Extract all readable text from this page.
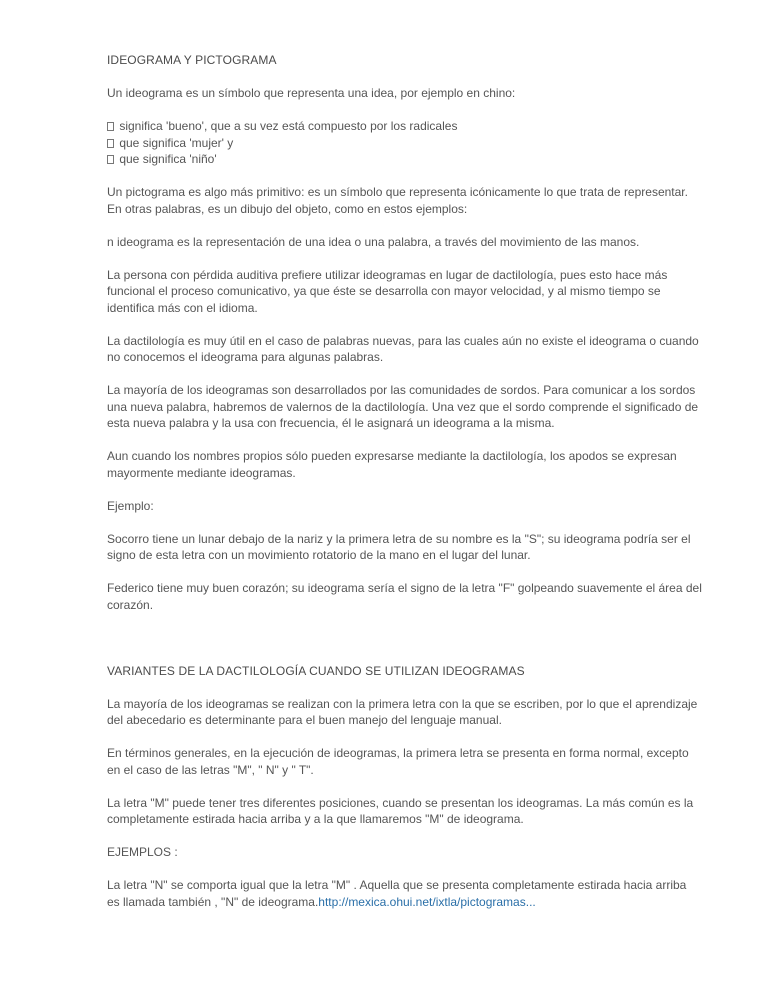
IDEOGRAMA Y PICTOGRAMA
Un ideograma es un símbolo que representa una idea, por ejemplo en chino:
significa 'bueno', que a su vez está compuesto por los radicales
que significa 'mujer' y
que significa 'niño'
Un pictograma es algo más primitivo: es un símbolo que representa icónicamente lo que trata de representar.
En otras palabras, es un dibujo del objeto, como en estos ejemplos:
n ideograma es la representación de una idea o una palabra, a través del movimiento de las manos.
La persona con pérdida auditiva prefiere utilizar ideogramas en lugar de dactilología, pues esto hace más
funcional el proceso comunicativo, ya que éste se desarrolla con mayor velocidad, y al mismo tiempo se
identifica más con el idioma.
La dactilología es muy útil en el caso de palabras nuevas, para las cuales aún no existe el ideograma o cuando
no conocemos el ideograma para algunas palabras.
La mayoría de los ideogramas son desarrollados por las comunidades de sordos. Para comunicar a los sordos
una nueva palabra, habremos de valernos de la dactilología. Una vez que el sordo comprende el significado de
esta nueva palabra y la usa con frecuencia, él le asignará un ideograma a la misma.
Aun cuando los nombres propios sólo pueden expresarse mediante la dactilología, los apodos se expresan
mayormente mediante ideogramas.
Ejemplo:
Socorro tiene un lunar debajo de la nariz y la primera letra de su nombre es la "S"; su ideograma podría ser el
signo de esta letra con un movimiento rotatorio de la mano en el lugar del lunar.
Federico tiene muy buen corazón; su ideograma sería el signo de la letra "F" golpeando suavemente el área del
corazón.
VARIANTES DE LA DACTILOLOGÍA CUANDO SE UTILIZAN IDEOGRAMAS
La mayoría de los ideogramas se realizan con la primera letra con la que se escriben, por lo que el aprendizaje
del abecedario es determinante para el buen manejo del lenguaje manual.
En términos generales, en la ejecución de ideogramas, la primera letra se presenta en forma normal, excepto
en el caso de las letras "M", " N" y " T".
La letra "M" puede tener tres diferentes posiciones, cuando se presentan los ideogramas. La más común es la
completamente estirada hacia arriba y a la que llamaremos "M" de ideograma.
EJEMPLOS :
La letra "N" se comporta igual que la letra "M" . Aquella que se presenta completamente estirada hacia arriba
es llamada también , "N" de ideograma.http://mexica.ohui.net/ixtla/pictogramas...
